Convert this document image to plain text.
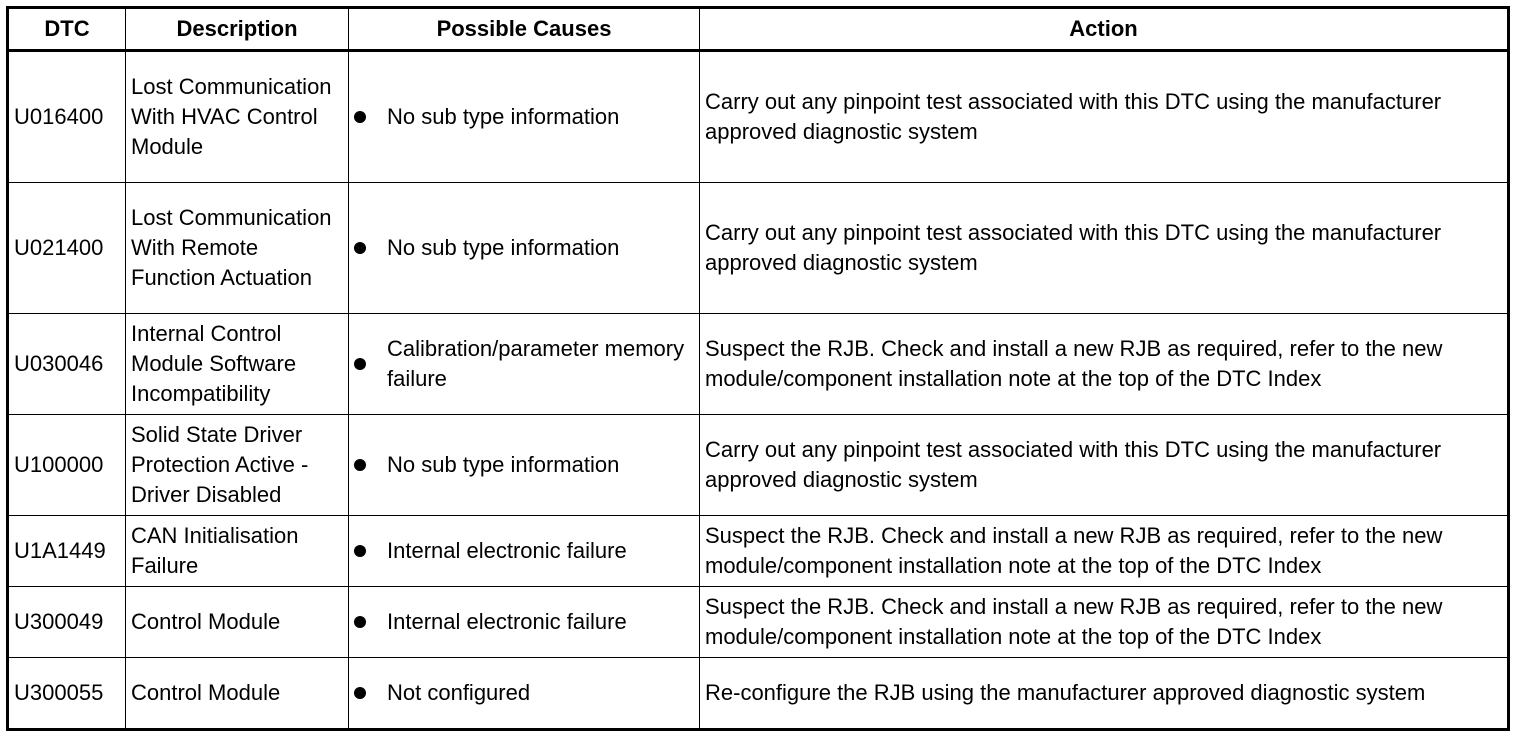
DTC	Description	Possible Causes	Action
U016400	Lost Communication With HVAC Control Module	No sub type information	Carry out any pinpoint test associated with this DTC using the manufacturer approved diagnostic system
U021400	Lost Communication With Remote Function Actuation	No sub type information	Carry out any pinpoint test associated with this DTC using the manufacturer approved diagnostic system
U030046	Internal Control Module Software Incompatibility	Calibration/parameter memory failure	Suspect the RJB. Check and install a new RJB as required, refer to the new module/component installation note at the top of the DTC Index
U100000	Solid State Driver Protection Active -Driver Disabled	No sub type information	Carry out any pinpoint test associated with this DTC using the manufacturer approved diagnostic system
U1A1449	CAN Initialisation Failure	Internal electronic failure	Suspect the RJB. Check and install a new RJB as required, refer to the new module/component installation note at the top of the DTC Index
U300049	Control Module	Internal electronic failure	Suspect the RJB. Check and install a new RJB as required, refer to the new module/component installation note at the top of the DTC Index
U300055	Control Module	Not configured	Re-configure the RJB using the manufacturer approved diagnostic system
